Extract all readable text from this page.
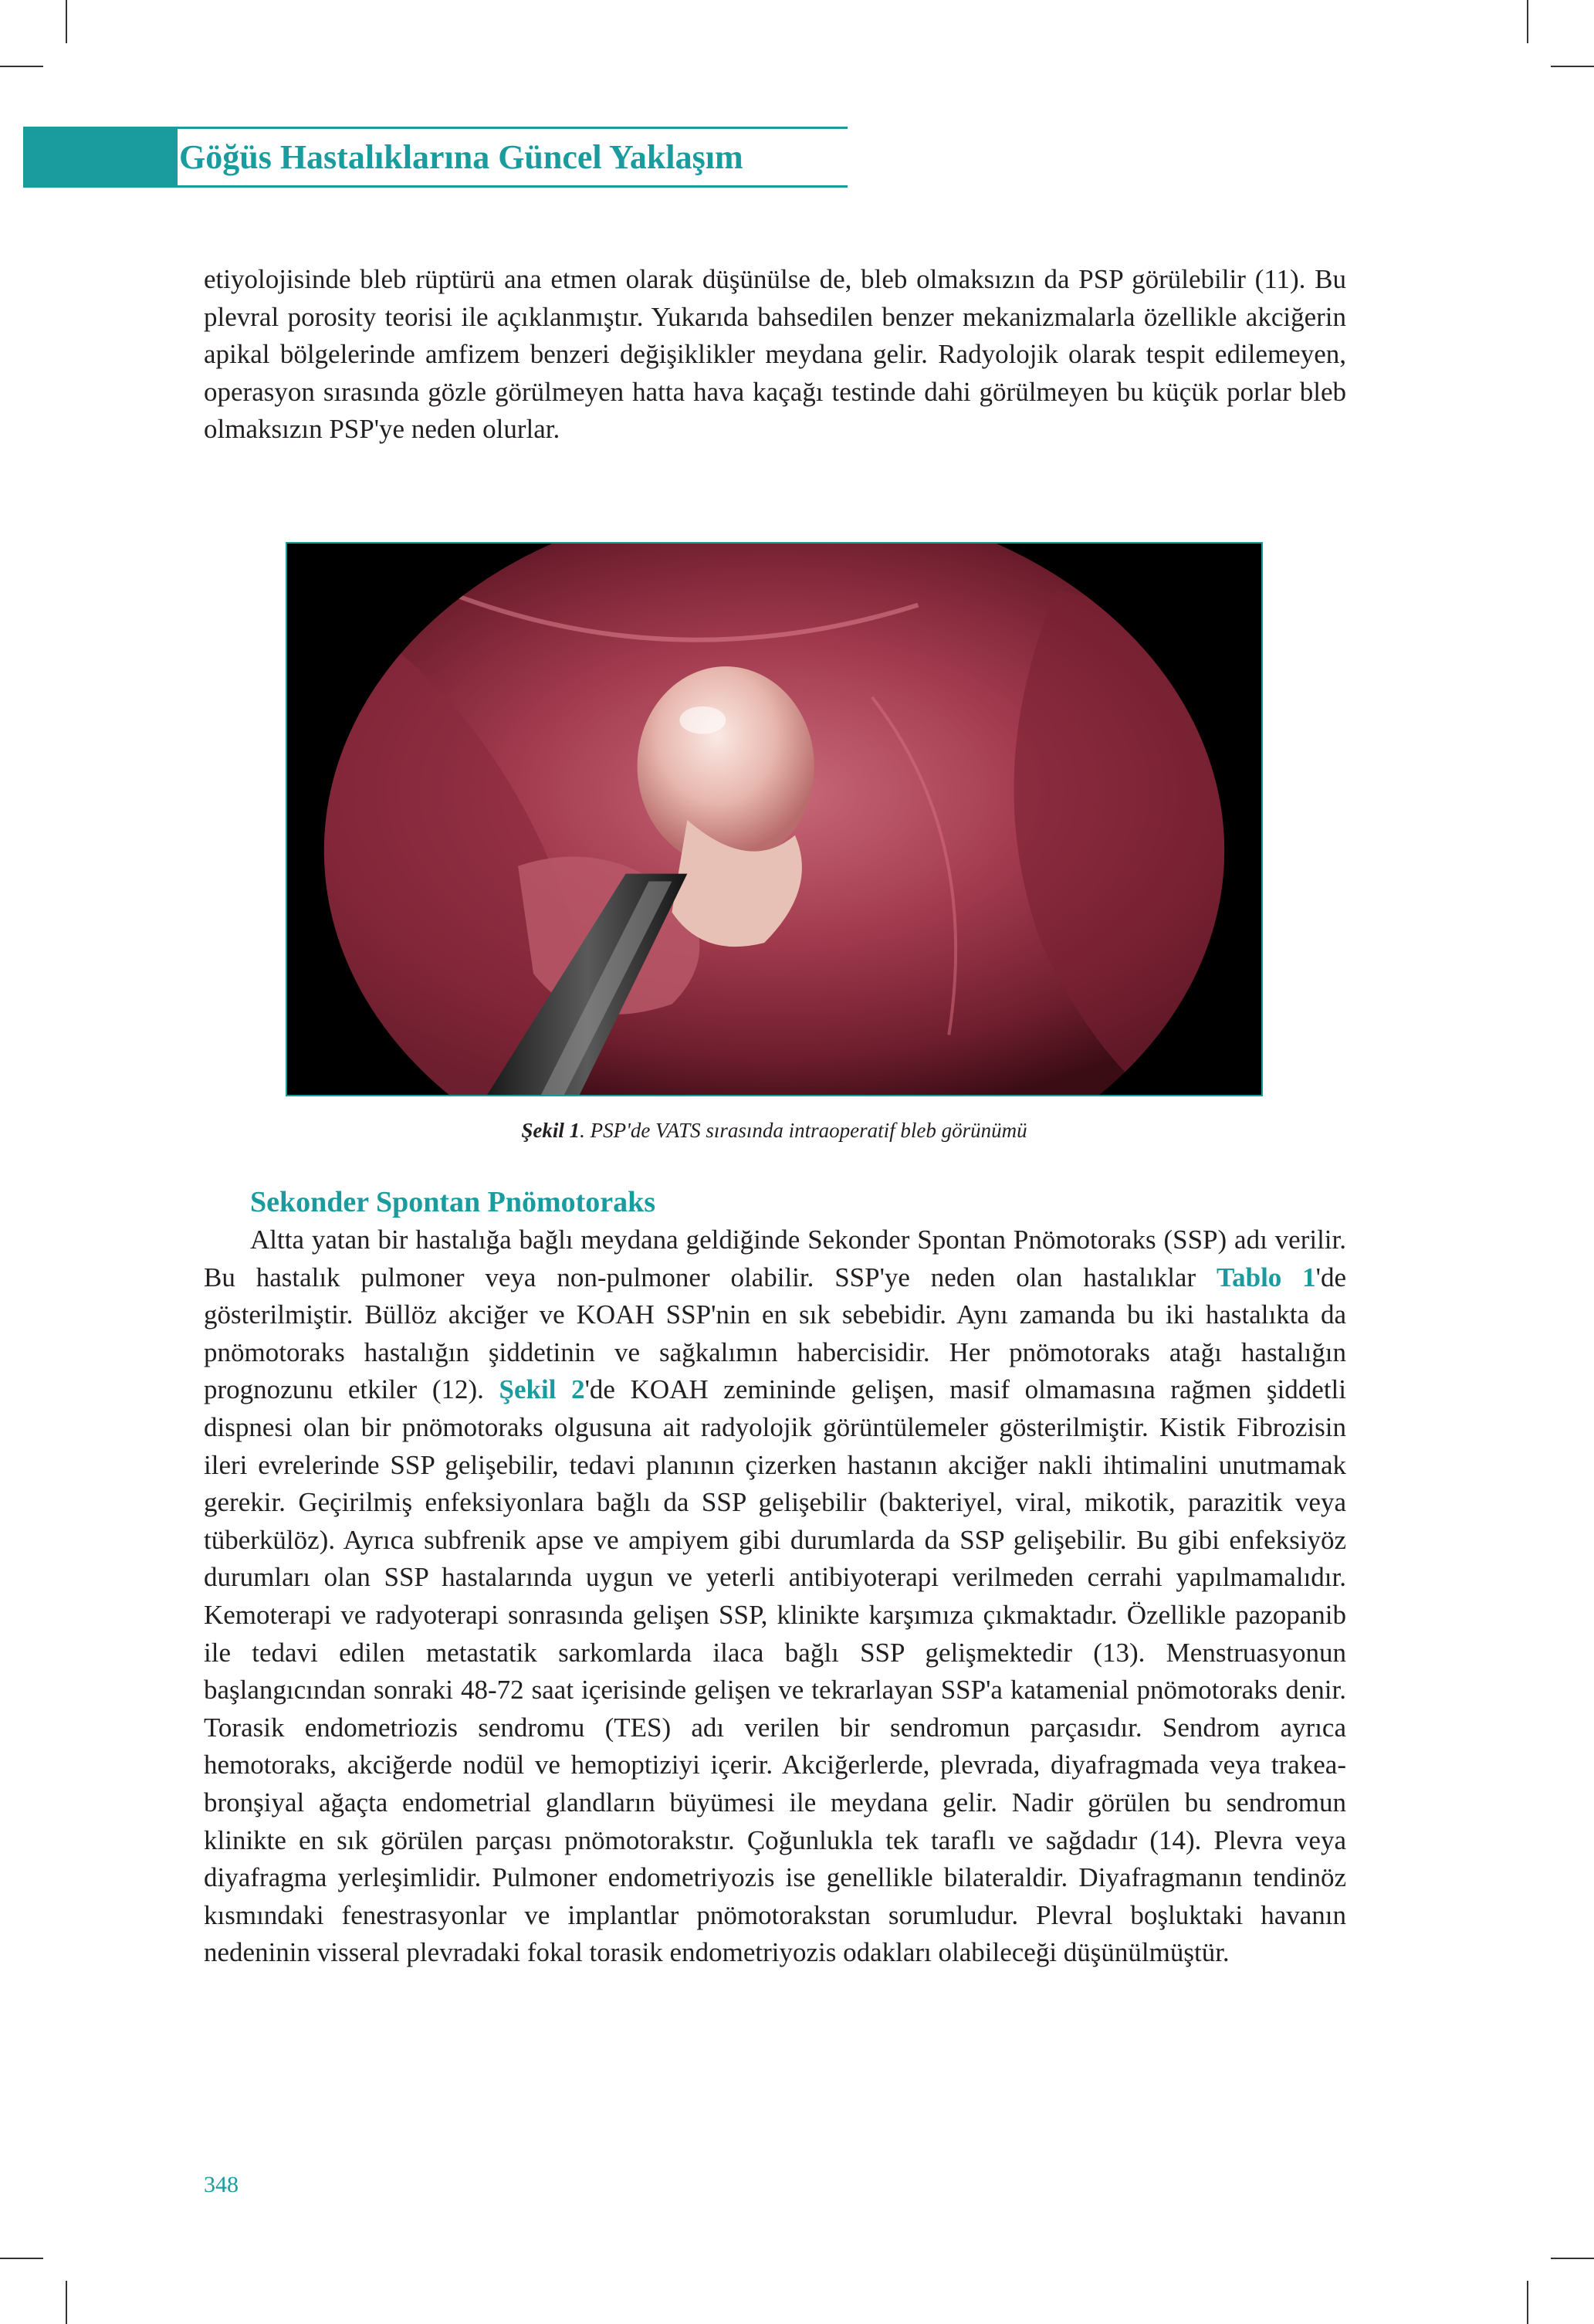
Göğüs Hastalıklarına Güncel Yaklaşım

etiyolojisinde bleb rüptürü ana etmen olarak düşünülse de, bleb olmaksızın da PSP görülebilir (11). Bu plevral porosity teorisi ile açıklanmıştır. Yukarıda bahsedilen benzer mekanizmalarla özellikle akciğerin apikal bölgelerinde amfizem benzeri değişiklikler meydana gelir. Radyolojik olarak tespit edilemeyen, operasyon sırasında gözle görülmeyen hatta hava kaçağı testinde dahi görülmeyen bu küçük porlar bleb olmaksızın PSP'ye neden olurlar.

Şekil 1. PSP'de VATS sırasında intraoperatif bleb görünümü
Sekonder Spontan Pnömotoraks

Altta yatan bir hastalığa bağlı meydana geldiğinde Sekonder Spontan Pnömotoraks (SSP) adı verilir. Bu hastalık pulmoner veya non-pulmoner olabilir. SSP'ye neden olan hastalıklar Tablo 1'de gösterilmiştir. Büllöz akciğer ve KOAH SSP'nin en sık sebebidir. Aynı zamanda bu iki hastalıkta da pnömotoraks hastalığın şiddetinin ve sağkalımın habercisidir. Her pnömotoraks atağı hastalığın prognozunu etkiler (12). Şekil 2'de KOAH zemininde gelişen, masif olmamasına rağmen şiddetli dispnesi olan bir pnömotoraks olgusuna ait radyolojik görüntülemeler gösterilmiştir. Kistik Fibrozisin ileri evrelerinde SSP gelişebilir, tedavi planının çizerken hastanın akciğer nakli ihtimalini unutmamak gerekir. Geçirilmiş enfeksiyonlara bağlı da SSP gelişebilir (bakteriyel, viral, mikotik, parazitik veya tüberkülöz). Ayrıca subfrenik apse ve ampiyem gibi durumlarda da SSP gelişebilir. Bu gibi enfeksiyöz durumları olan SSP hastalarında uygun ve yeterli antibiyoterapi verilmeden cerrahi yapılmamalıdır. Kemoterapi ve radyoterapi sonrasında gelişen SSP, klinikte karşımıza çıkmaktadır. Özellikle pazopanib ile tedavi edilen metastatik sarkomlarda ilaca bağlı SSP gelişmektedir (13). Menstruasyonun başlangıcından sonraki 48-72 saat içerisinde gelişen ve tekrarlayan SSP'a katamenial pnömotoraks denir. Torasik endometriozis sendromu (TES) adı verilen bir sendromun parçasıdır. Sendrom ayrıca hemotoraks, akciğerde nodül ve hemoptiziyi içerir. Akciğerlerde, plevrada, diyafragmada veya trakea-bronşiyal ağaçta endometrial glandların büyümesi ile meydana gelir. Nadir görülen bu sendromun klinikte en sık görülen parçası pnömotorakstır. Çoğunlukla tek taraflı ve sağdadır (14). Plevra veya diyafragma yerleşimlidir. Pulmoner endometriyozis ise genellikle bilateraldir. Diyafragmanın tendinöz kısmındaki fenestrasyonlar ve implantlar pnömotorakstan sorumludur. Plevral boşluktaki havanın nedeninin visseral plevradaki fokal torasik endometriyozis odakları olabileceği düşünülmüştür.

348
